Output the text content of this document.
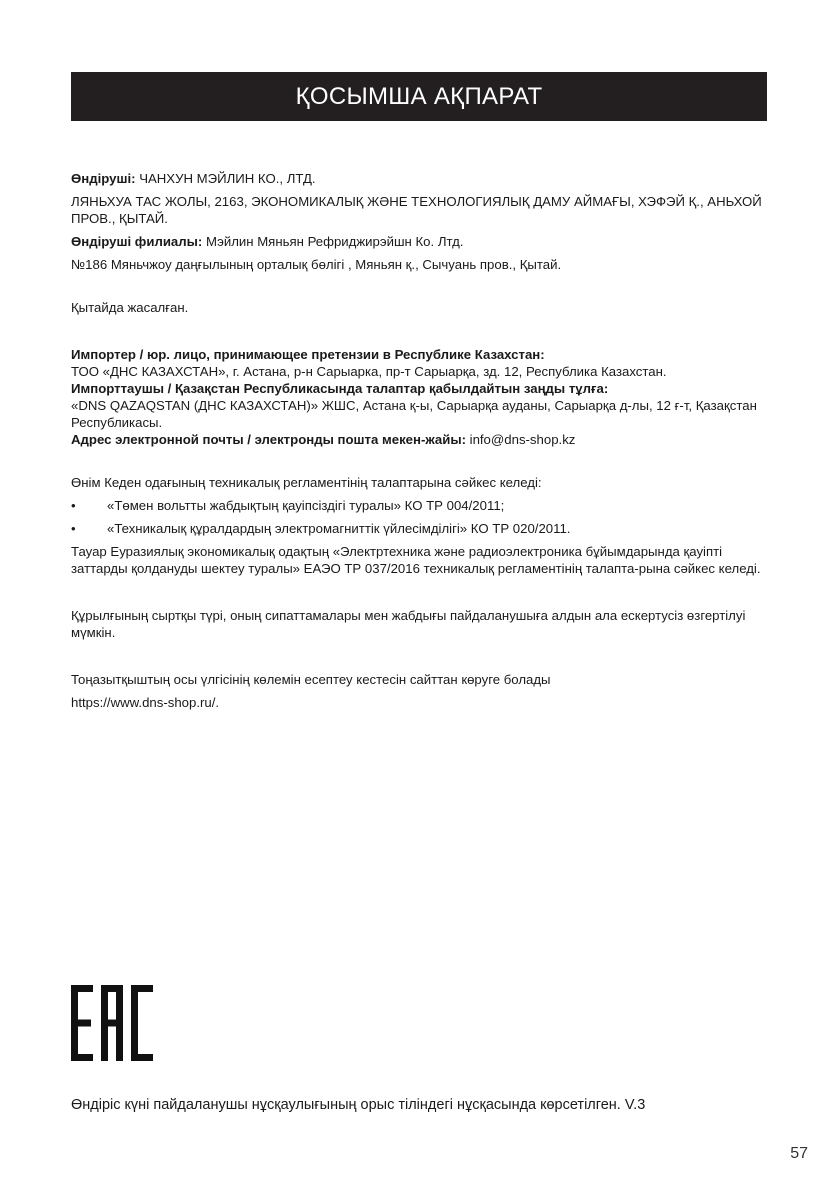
ҚОСЫМША АҚПАРАТ

Өндіруші: ЧАНХУН МЭЙЛИН КО., ЛТД.

ЛЯНЬХУА ТАС ЖОЛЫ, 2163, ЭКОНОМИКАЛЫҚ ЖӘНЕ ТЕХНОЛОГИЯЛЫҚ ДАМУ АЙМАҒЫ, ХЭФЭЙ Қ., АНЬХОЙ ПРОВ., ҚЫТАЙ.

Өндіруші филиалы: Мэйлин Мяньян Рефриджирэйшн Ко. Лтд.

№186 Мяньчжоу даңғылының орталық бөлігі , Мяньян қ., Сычуань пров., Қытай.

Қытайда жасалған.

Импортер / юр. лицо, принимающее претензии в Республике Казахстан:

ТОО «ДНС КАЗАХСТАН», г. Астана, р-н Сарыарка, пр-т Сарыарқа, зд. 12, Республика Казахстан.

Импорттаушы / Қазақстан Республикасында талаптар қабылдайтын заңды тұлға:

«DNS QAZAQSTAN (ДНС КАЗАХСТАН)» ЖШС, Астана қ-ы, Сарыарқа ауданы, Сарыарқа д-лы, 12 ғ-т, Қазақстан Республикасы.

Адрес электронной почты / электронды пошта мекен-жайы: info@dns-shop.kz

Өнім Кеден одағының техникалық регламентінің талаптарына сәйкес келеді:

• «Төмен вольтты жабдықтың қауіпсіздігі туралы» КО ТР 004/2011;
• «Техникалық құралдардың электромагниттік үйлесімділігі» КО ТР 020/2011.

Тауар Еуразиялық экономикалық одақтың «Электртехника және радиоэлектроника бұйымдарында қауіпті заттарды қолдануды шектеу туралы» ЕАЭО ТР 037/2016 техникалық регламентінің талапта-рына сәйкес келеді.

Құрылғының сыртқы түрі, оның сипаттамалары мен жабдығы пайдаланушыға алдын ала ескертусіз өзгертілуі мүмкін.

Тоңазытқыштың осы үлгісінің көлемін есептеу кестесін сайттан көруге болады

https://www.dns-shop.ru/.

Өндіріс күні пайдаланушы нұсқаулығының орыс тіліндегі нұсқасында көрсетілген. V.3
57
